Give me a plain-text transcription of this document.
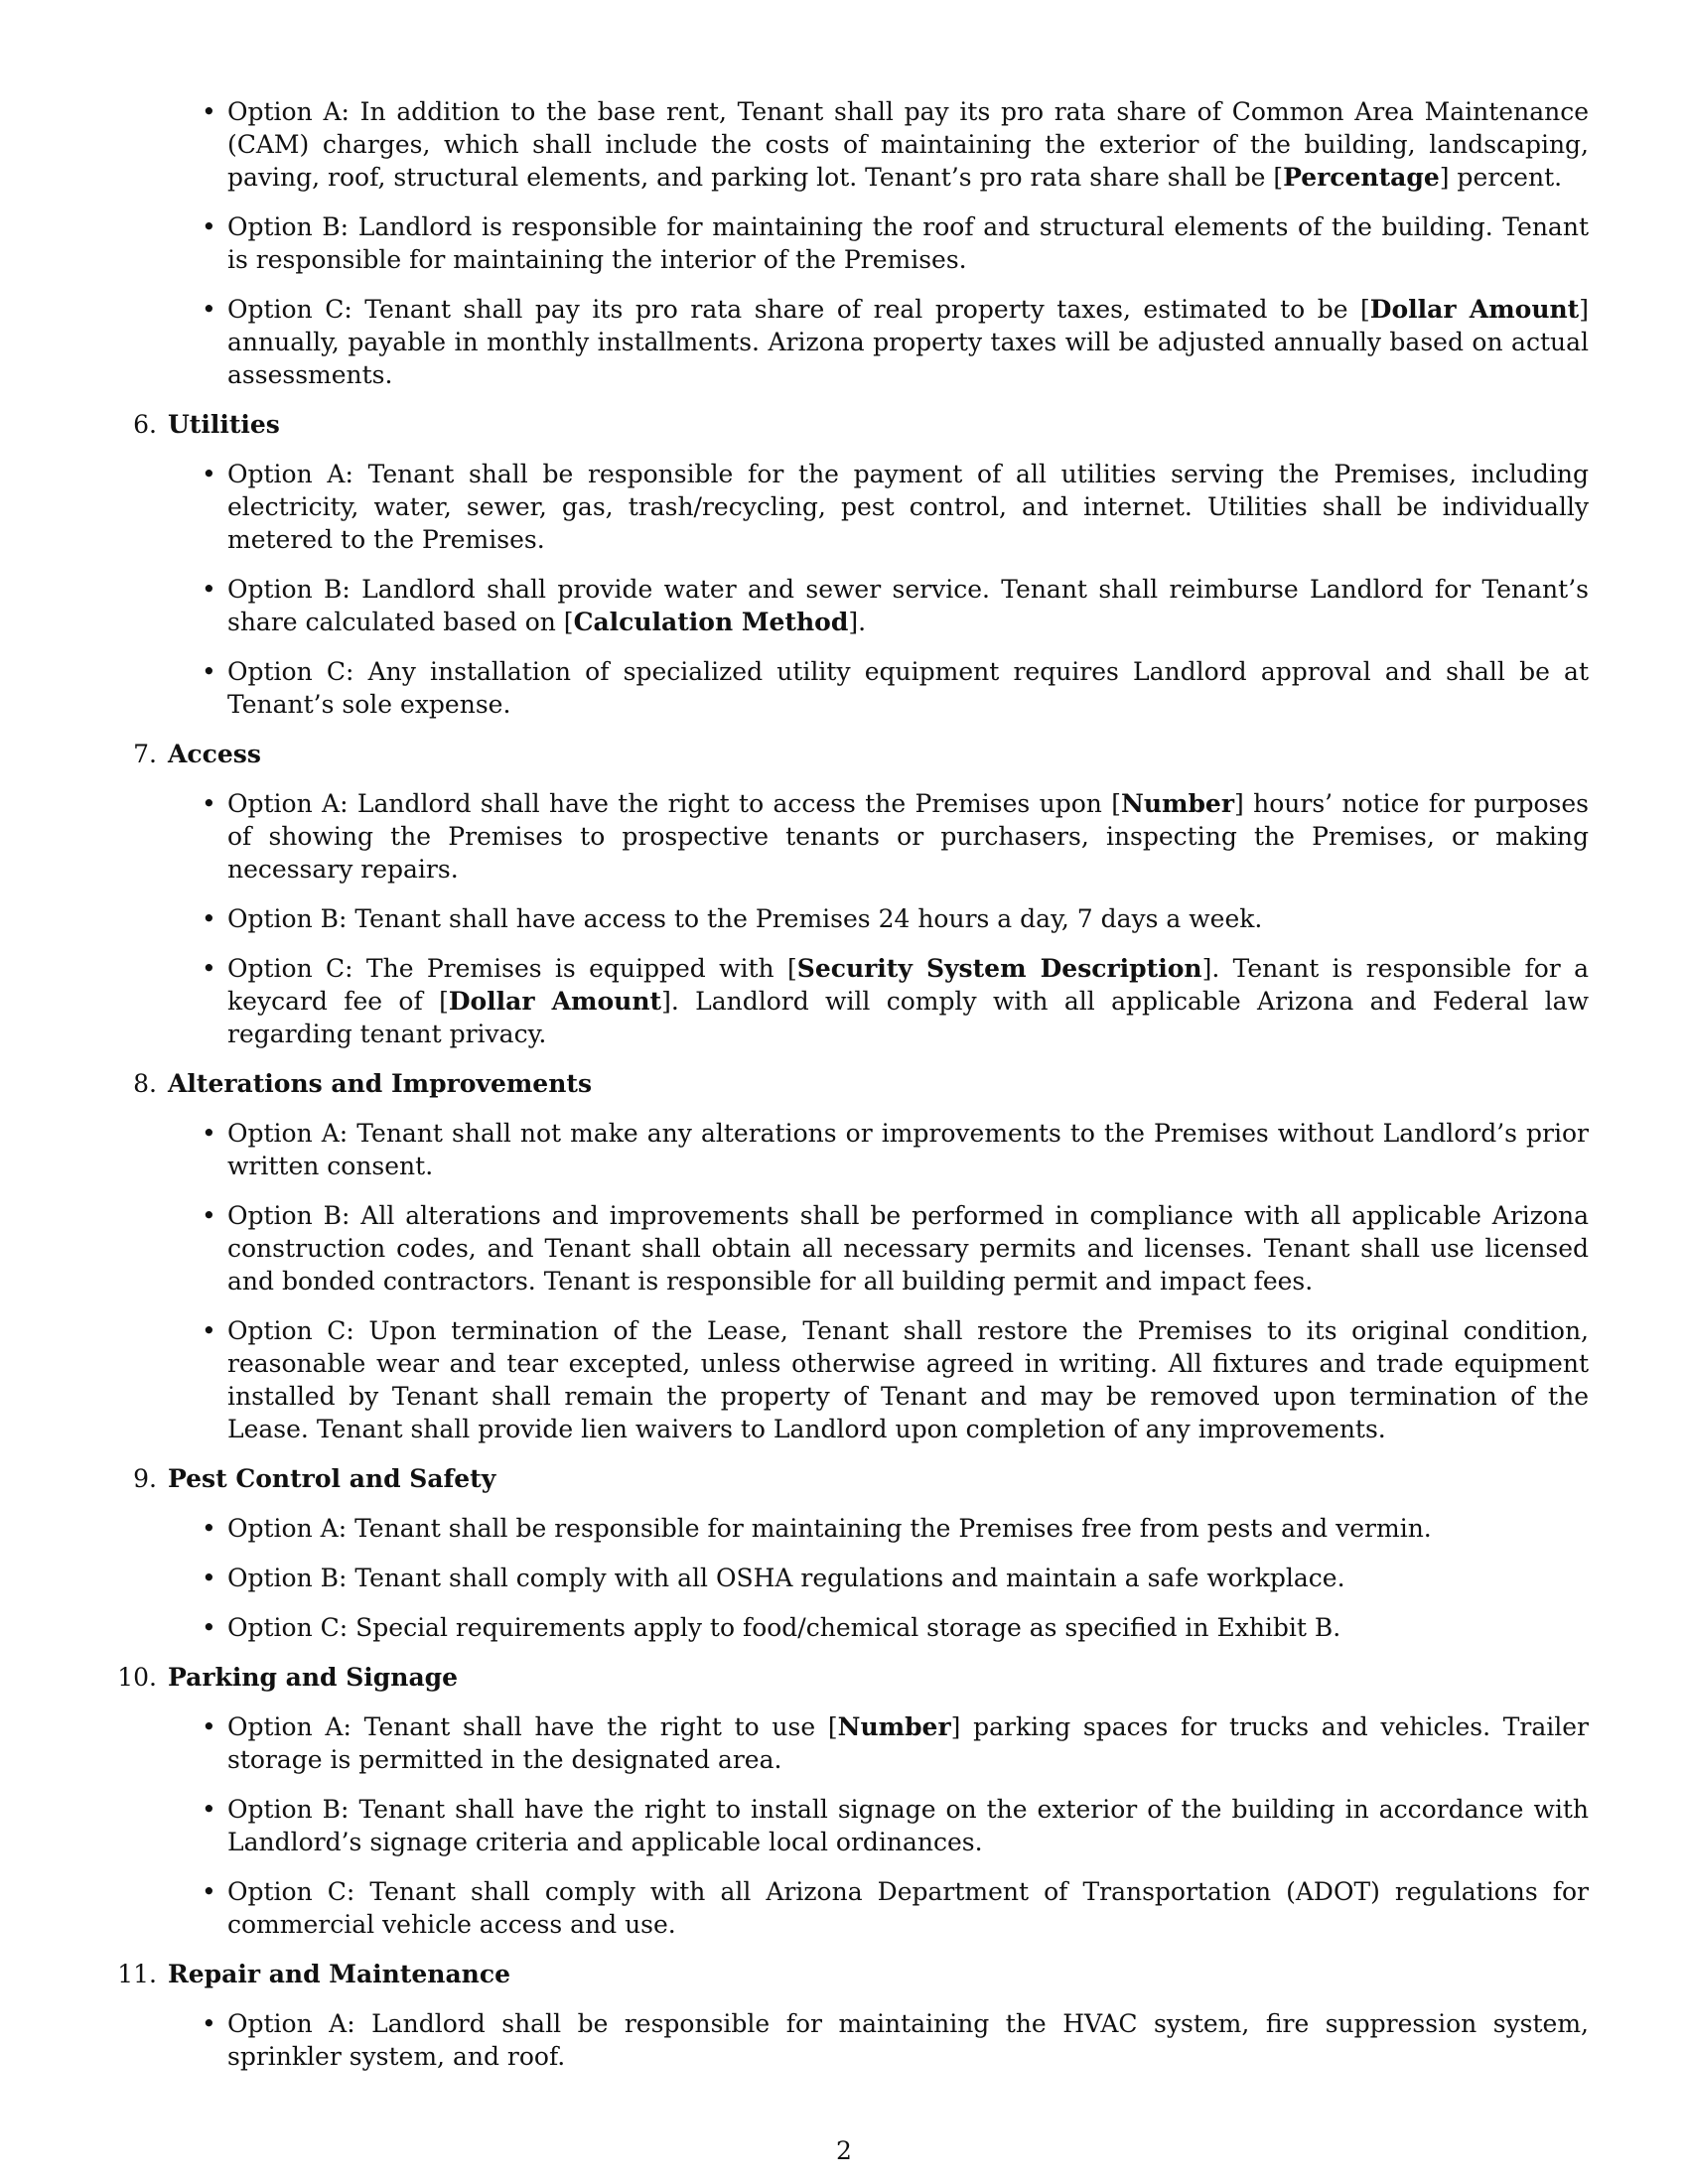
• Option A: In addition to the base rent, Tenant shall pay its pro rata share of Common Area Maintenance (CAM) charges, which shall include the costs of maintaining the exterior of the building, landscaping, paving, roof, structural elements, and parking lot. Tenant’s pro rata share shall be [Percentage] percent.
• Option B: Landlord is responsible for maintaining the roof and structural elements of the building. Tenant is responsible for maintaining the interior of the Premises.
• Option C: Tenant shall pay its pro rata share of real property taxes, estimated to be [Dollar Amount] annually, payable in monthly installments. Arizona property taxes will be adjusted annually based on actual assessments.
6. Utilities
• Option A: Tenant shall be responsible for the payment of all utilities serving the Premises, including electricity, water, sewer, gas, trash/recycling, pest control, and internet. Utilities shall be individually metered to the Premises.
• Option B: Landlord shall provide water and sewer service. Tenant shall reimburse Landlord for Tenant’s share calculated based on [Calculation Method].
• Option C: Any installation of specialized utility equipment requires Landlord approval and shall be at Tenant’s sole expense.
7. Access
• Option A: Landlord shall have the right to access the Premises upon [Number] hours’ notice for purposes of showing the Premises to prospective tenants or purchasers, inspecting the Premises, or making necessary repairs.
• Option B: Tenant shall have access to the Premises 24 hours a day, 7 days a week.
• Option C: The Premises is equipped with [Security System Description]. Tenant is responsible for a keycard fee of [Dollar Amount]. Landlord will comply with all applicable Arizona and Federal law regarding tenant privacy.
8. Alterations and Improvements
• Option A: Tenant shall not make any alterations or improvements to the Premises without Landlord’s prior written consent.
• Option B: All alterations and improvements shall be performed in compliance with all applicable Arizona construction codes, and Tenant shall obtain all necessary permits and licenses. Tenant shall use licensed and bonded contractors. Tenant is responsible for all building permit and impact fees.
• Option C: Upon termination of the Lease, Tenant shall restore the Premises to its original condition, reasonable wear and tear excepted, unless otherwise agreed in writing. All fixtures and trade equipment installed by Tenant shall remain the property of Tenant and may be removed upon termination of the Lease. Tenant shall provide lien waivers to Landlord upon completion of any improvements.
9. Pest Control and Safety
• Option A: Tenant shall be responsible for maintaining the Premises free from pests and vermin.
• Option B: Tenant shall comply with all OSHA regulations and maintain a safe workplace.
• Option C: Special requirements apply to food/chemical storage as specified in Exhibit B.
10. Parking and Signage
• Option A: Tenant shall have the right to use [Number] parking spaces for trucks and vehicles. Trailer storage is permitted in the designated area.
• Option B: Tenant shall have the right to install signage on the exterior of the building in accordance with Landlord’s signage criteria and applicable local ordinances.
• Option C: Tenant shall comply with all Arizona Department of Transportation (ADOT) regulations for commercial vehicle access and use.
11. Repair and Maintenance
• Option A: Landlord shall be responsible for maintaining the HVAC system, fire suppression system, sprinkler system, and roof.
2
